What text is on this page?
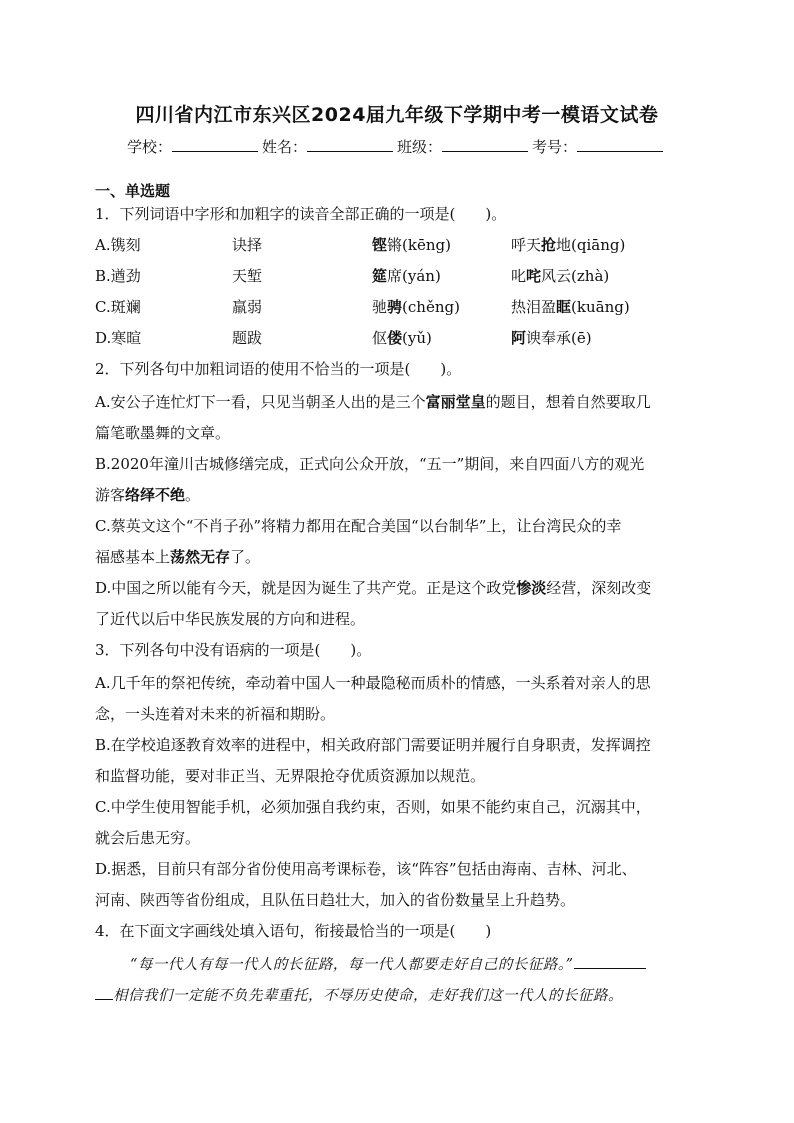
四川省内江市东兴区2024届九年级下学期中考一模语文试卷
学校：	姓名：	班级：	考号：
一、单选题
1．下列词语中字形和加粗字的读音全部正确的一项是(　　)。
A.镌刻	诀择	铿锵(kēng)	呼天抢地(qiāng)
B.遒劲	天堑	筵席(yán)	叱咤风云(zhà)
C.斑斓	羸弱	驰骋(chěng)	热泪盈眶(kuāng)
D.寒暄	题跋	伛偻(yǔ)	阿谀奉承(ē)
2．下列各句中加粗词语的使用不恰当的一项是(　　)。
A.安公子连忙灯下一看，只见当朝圣人出的是三个富丽堂皇的题目，想着自然要取几
篇笔歌墨舞的文章。
B.2020年潼川古城修缮完成，正式向公众开放，“五一”期间，来自四面八方的观光
游客络绎不绝。
C.蔡英文这个“不肖子孙”将精力都用在配合美国“以台制华”上，让台湾民众的幸
福感基本上荡然无存了。
D.中国之所以能有今天，就是因为诞生了共产党。正是这个政党惨淡经营，深刻改变
了近代以后中华民族发展的方向和进程。
3．下列各句中没有语病的一项是(　　)。
A.几千年的祭祀传统，牵动着中国人一种最隐秘而质朴的情感，一头系着对亲人的思
念，一头连着对未来的祈福和期盼。
B.在学校追逐教育效率的进程中，相关政府部门需要证明并履行自身职责，发挥调控
和监督功能，要对非正当、无界限抢夺优质资源加以规范。
C.中学生使用智能手机，必须加强自我约束，否则，如果不能约束自己，沉溺其中，
就会后患无穷。
D.据悉，目前只有部分省份使用高考课标卷，该“阵容”包括由海南、吉林、河北、
河南、陕西等省份组成，且队伍日趋壮大，加入的省份数量呈上升趋势。
4．在下面文字画线处填入语句，衔接最恰当的一项是(　　)
“每一代人有每一代人的长征路，每一代人都要走好自己的长征路。”
相信我们一定能不负先辈重托，不辱历史使命，走好我们这一代人的长征路。
